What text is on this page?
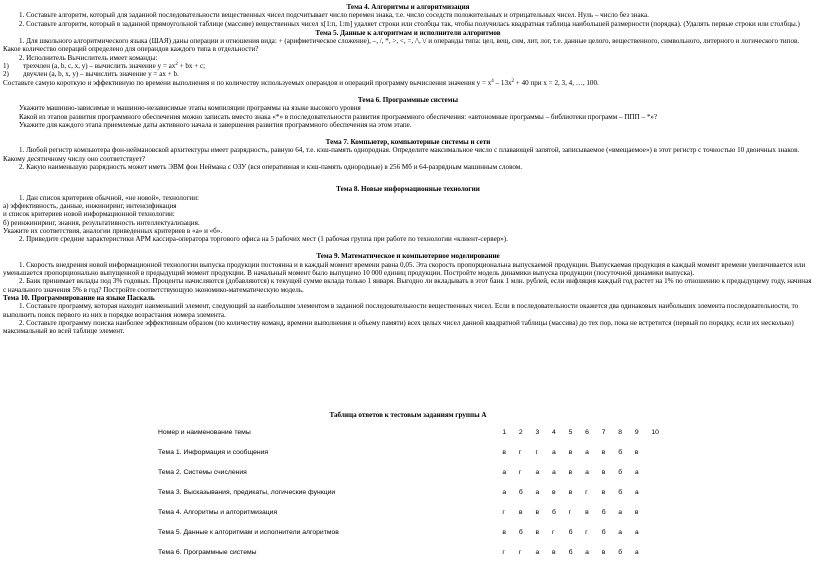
Тема 4. Алгоритмы и алгоритмизация
1. Составьте алгоритм, который для заданной последовательности вещественных чисел подсчитывает число перемен знака, т.е. число соседств положительных и отрицательных чисел. Нуль – число без знака.
2. Составьте алгоритм, который в заданной прямоугольной таблице (массиве) вещественных чисел x[1:n, 1:m] удаляет строки или столбцы так, чтобы получилась квадратная таблица наибольшей размерности (порядка). (Удалять первые строки или столбцы.)
Тема 5. Данные к алгоритмам и исполнители алгоритмов
1. Для школьного алгоритмического языка (ШАЯ) даны операции и отношения вида: + (арифметическое сложение), –, /, *, >, <, =, /\, \/ и операнды типа: цел, вещ, сим, лит, лог, т.е. данные целого, вещественного, символьного, литерного и логического типов. Какое количество операций определено для операндов каждого типа в отдельности?
2. Исполнитель Вычислитель имеет команды:
1)	трехчлен (a, b, c, x, y) – вычислить значение $y = ax^2$ + bx + c;
2)	двучлен (a, b, x, y) – вычислить значение y = ax + b.
Составьте самую короткую и эффективную по времени выполнения и по количеству используемых операндов и операций программу вычисления значения $y = x^4 - 13x^2 + 40$ при x = 2, 3, 4, …, 100.
Тема 6. Программные системы
Укажите машинно-зависимые и машинно-независимые этапы компиляции программы на языке высокого уровня
Какой из этапов развития программного обеспечения можно записать вместо знака «*» в последовательности развития программного обеспечения: «автономные программы – библиотеки программ – ППП – *»?
Укажите для каждого этапа приемлемые даты активного начала и завершения развития программного обеспечения на этом этапе.
Тема 7. Компьютер, компьютерные системы и сети
1. Любой регистр компьютера фон-неймановской архитектуры имеет разрядность, равную 64, т.е. кэш-память однородная. Определите максимальное число с плавающей запятой, записываемое («вмещаемое») в этот регистр с точностью 10 двоичных знаков. Какому десятичному числу оно соответствует?
2. Какую наименьшую разрядность может иметь ЭВМ фон Неймана с ОЗУ (вся оперативная и кэш-память однородные) в 256 Мб и 64-разрядным машинным словом.
Тема 8. Новые информационные технологии
1. Дан список критериев обычной, «не новой», технологии:
а) эффективность, данные, инжиниринг, интенсификация
и список критериев новой информационной технологии:
б) реинжиниринг, знания, результативность интеллектуализация.
Укажите их соответствия, аналогии приведенных критериев в «а» и «б».
2. Приведите средние характеристики АРМ кассира-оператора торгового офиса на 5 рабочих мест (1 рабочая группа при работе по технологии «клиент-сервер»).
Тема 9. Математическое и компьютерное моделирование
1. Скорость внедрения новой информационной технологии выпуска продукции постоянна и в каждый момент времени равна 0,05. Эта скорость пропорциональна выпускаемой продукции. Выпускаемая продукция в каждый момент времени увеличивается или уменьшается пропорционально выпущенной в предыдущий момент продукции. В начальный момент было выпущено 10 000 единиц продукции. Постройте модель динамики выпуска продукции (посуточной динамики выпуска).
2. Банк принимает вклады под 3% годовых. Проценты начисляются (добавляются) к текущей сумме вклада только 1 января. Выгодно ли вкладывать в этот банк 1 млн. рублей, если инфляция каждый год растет на 1% по отношению к предыдущему году, начиная с начального значения 5% в год? Постройте соответствующую экономико-математическую модель.
Тема 10. Программирование на языке Паскаль
1. Составьте программу, которая находит наименьший элемент, следующий за наибольшим элементом в заданной последовательности вещественных чисел. Если в последовательности окажется два одинаковых наибольших элемента последовательности, то выполнить поиск первого из них в порядке возрастания номера элемента.
2. Составьте программу поиска наиболее эффективным образом (по количеству команд, времени выполнения и объему памяти) всех целых чисел данной квадратной таблицы (массива) до тех пор, пока не встретится (первый по порядку, если их несколько) максимальный во всей таблице элемент.
Таблица ответов к тестовым заданиям группы А
Номер и наименование темы	1	2	3	4	5	6	7	8	9	10
Тема 1. Информация и сообщения	в	г	г	а	в	а	в	б	в	
Тема 2. Системы счисления	а	г	а	а	в	а	в	б	а	
Тема 3. Высказывания, предикаты, логические функции	а	б	а	в	в	г	в	б	а	
Тема 4. Алгоритмы и алгоритмизация	г	в	в	б	г	в	б	а	в	
Тема 5. Данные к алгоритмам и исполнители алгоритмов	в	б	в	г	б	г	б	а	а	
Тема 6. Программные системы	г	г	а	в	б	а	в	б	а	
